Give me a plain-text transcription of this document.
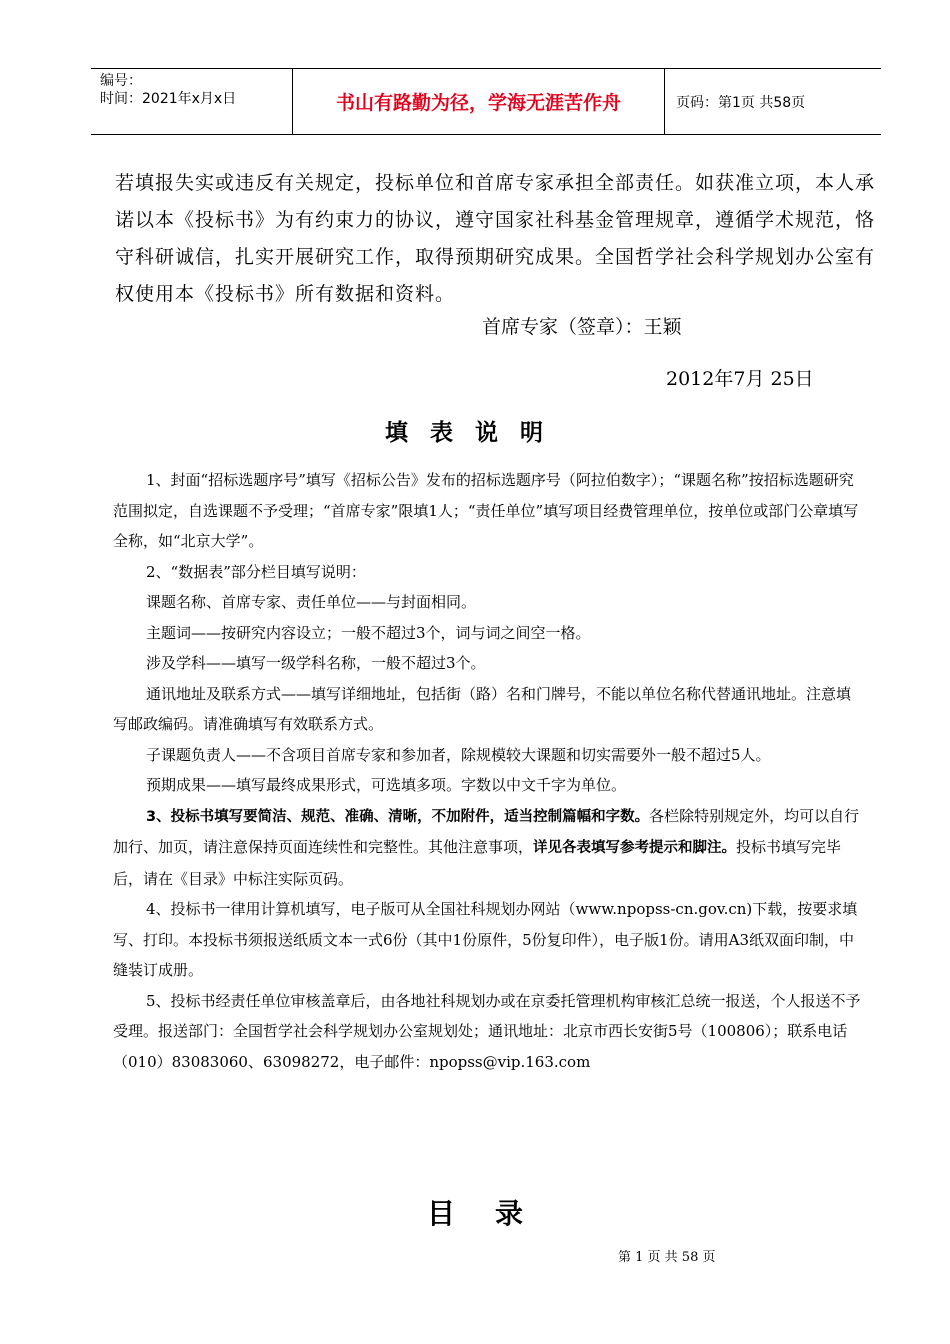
编号：
时间：2021年x月x日	书山有路勤为径，学海无涯苦作舟	页码：第1页 共58页
若填报失实或违反有关规定，投标单位和首席专家承担全部责任。如获准立项，本人承诺以本《投标书》为有约束力的协议，遵守国家社科基金管理规章，遵循学术规范，恪守科研诚信，扎实开展研究工作，取得预期研究成果。全国哲学社会科学规划办公室有权使用本《投标书》所有数据和资料。
首席专家（签章）：王颖
2012年7月 25日
填表说明

1、封面“招标选题序号”填写《招标公告》发布的招标选题序号（阿拉伯数字）；“课题名称”按招标选题研究范围拟定，自选课题不予受理；“首席专家”限填1人；“责任单位”填写项目经费管理单位，按单位或部门公章填写全称，如“北京大学”。

2、“数据表”部分栏目填写说明：

课题名称、首席专家、责任单位——与封面相同。

主题词——按研究内容设立；一般不超过3个，词与词之间空一格。

涉及学科——填写一级学科名称，一般不超过3个。

通讯地址及联系方式——填写详细地址，包括街（路）名和门牌号，不能以单位名称代替通讯地址。注意填写邮政编码。请准确填写有效联系方式。

子课题负责人——不含项目首席专家和参加者，除规模较大课题和切实需要外一般不超过5人。

预期成果——填写最终成果形式，可选填多项。字数以中文千字为单位。

3、投标书填写要简洁、规范、准确、清晰，不加附件，适当控制篇幅和字数。各栏除特别规定外，均可以自行加行、加页，请注意保持页面连续性和完整性。其他注意事项，详见各表填写参考提示和脚注。投标书填写完毕后，请在《目录》中标注实际页码。

4、投标书一律用计算机填写，电子版可从全国社科规划办网站（www.npopss-cn.gov.cn)下载，按要求填写、打印。本投标书须报送纸质文本一式6份（其中1份原件，5份复印件），电子版1份。请用A3纸双面印制，中缝装订成册。

5、投标书经责任单位审核盖章后，由各地社科规划办或在京委托管理机构审核汇总统一报送，个人报送不予受理。报送部门：全国哲学社会科学规划办公室规划处；通讯地址：北京市西长安街5号（100806）；联系电话（010）83083060、63098272，电子邮件：npopss@vip.163.com

目录
第 1 页 共 58 页
